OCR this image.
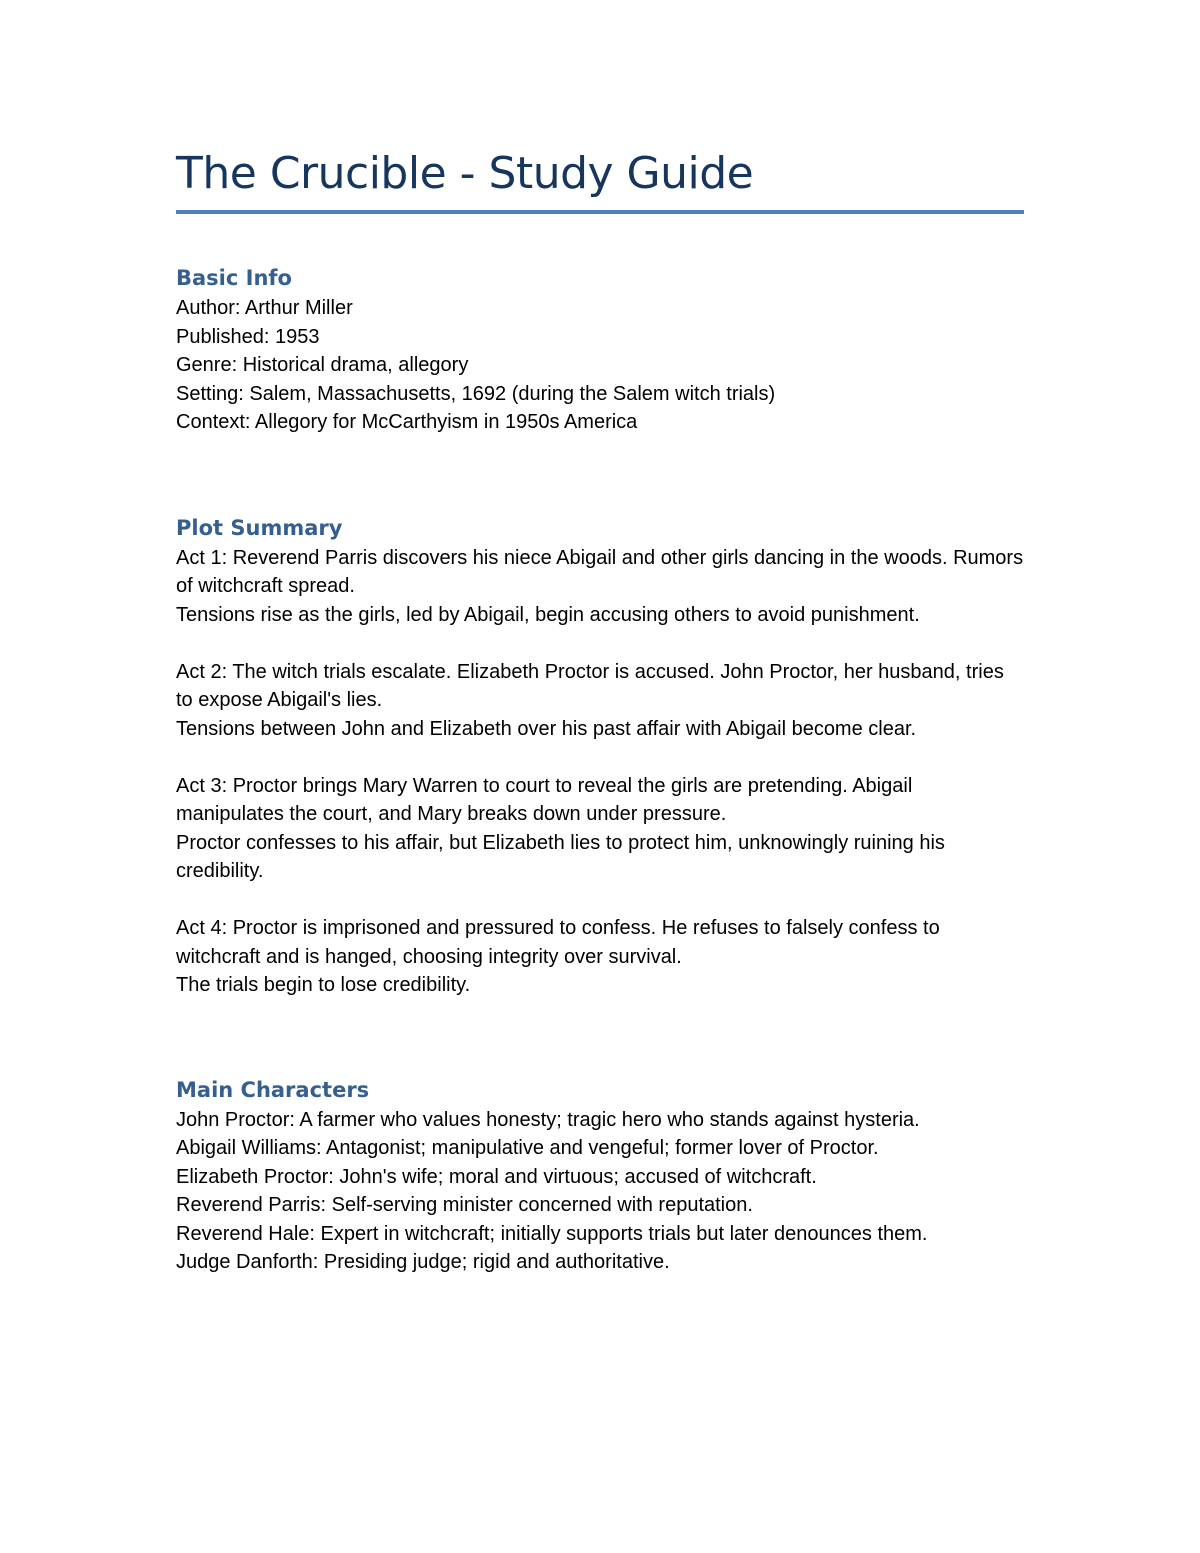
The Crucible - Study Guide
Basic Info

Author: Arthur Miller

Published: 1953

Genre: Historical drama, allegory

Setting: Salem, Massachusetts, 1692 (during the Salem witch trials)

Context: Allegory for McCarthyism in 1950s America

Plot Summary

Act 1: Reverend Parris discovers his niece Abigail and other girls dancing in the woods. Rumors of witchcraft spread.

Tensions rise as the girls, led by Abigail, begin accusing others to avoid punishment.

Act 2: The witch trials escalate. Elizabeth Proctor is accused. John Proctor, her husband, tries to expose Abigail's lies.

Tensions between John and Elizabeth over his past affair with Abigail become clear.

Act 3: Proctor brings Mary Warren to court to reveal the girls are pretending. Abigail manipulates the court, and Mary breaks down under pressure.

Proctor confesses to his affair, but Elizabeth lies to protect him, unknowingly ruining his credibility.

Act 4: Proctor is imprisoned and pressured to confess. He refuses to falsely confess to witchcraft and is hanged, choosing integrity over survival.

The trials begin to lose credibility.

Main Characters

John Proctor: A farmer who values honesty; tragic hero who stands against hysteria.

Abigail Williams: Antagonist; manipulative and vengeful; former lover of Proctor.

Elizabeth Proctor: John's wife; moral and virtuous; accused of witchcraft.

Reverend Parris: Self-serving minister concerned with reputation.

Reverend Hale: Expert in witchcraft; initially supports trials but later denounces them.

Judge Danforth: Presiding judge; rigid and authoritative.
